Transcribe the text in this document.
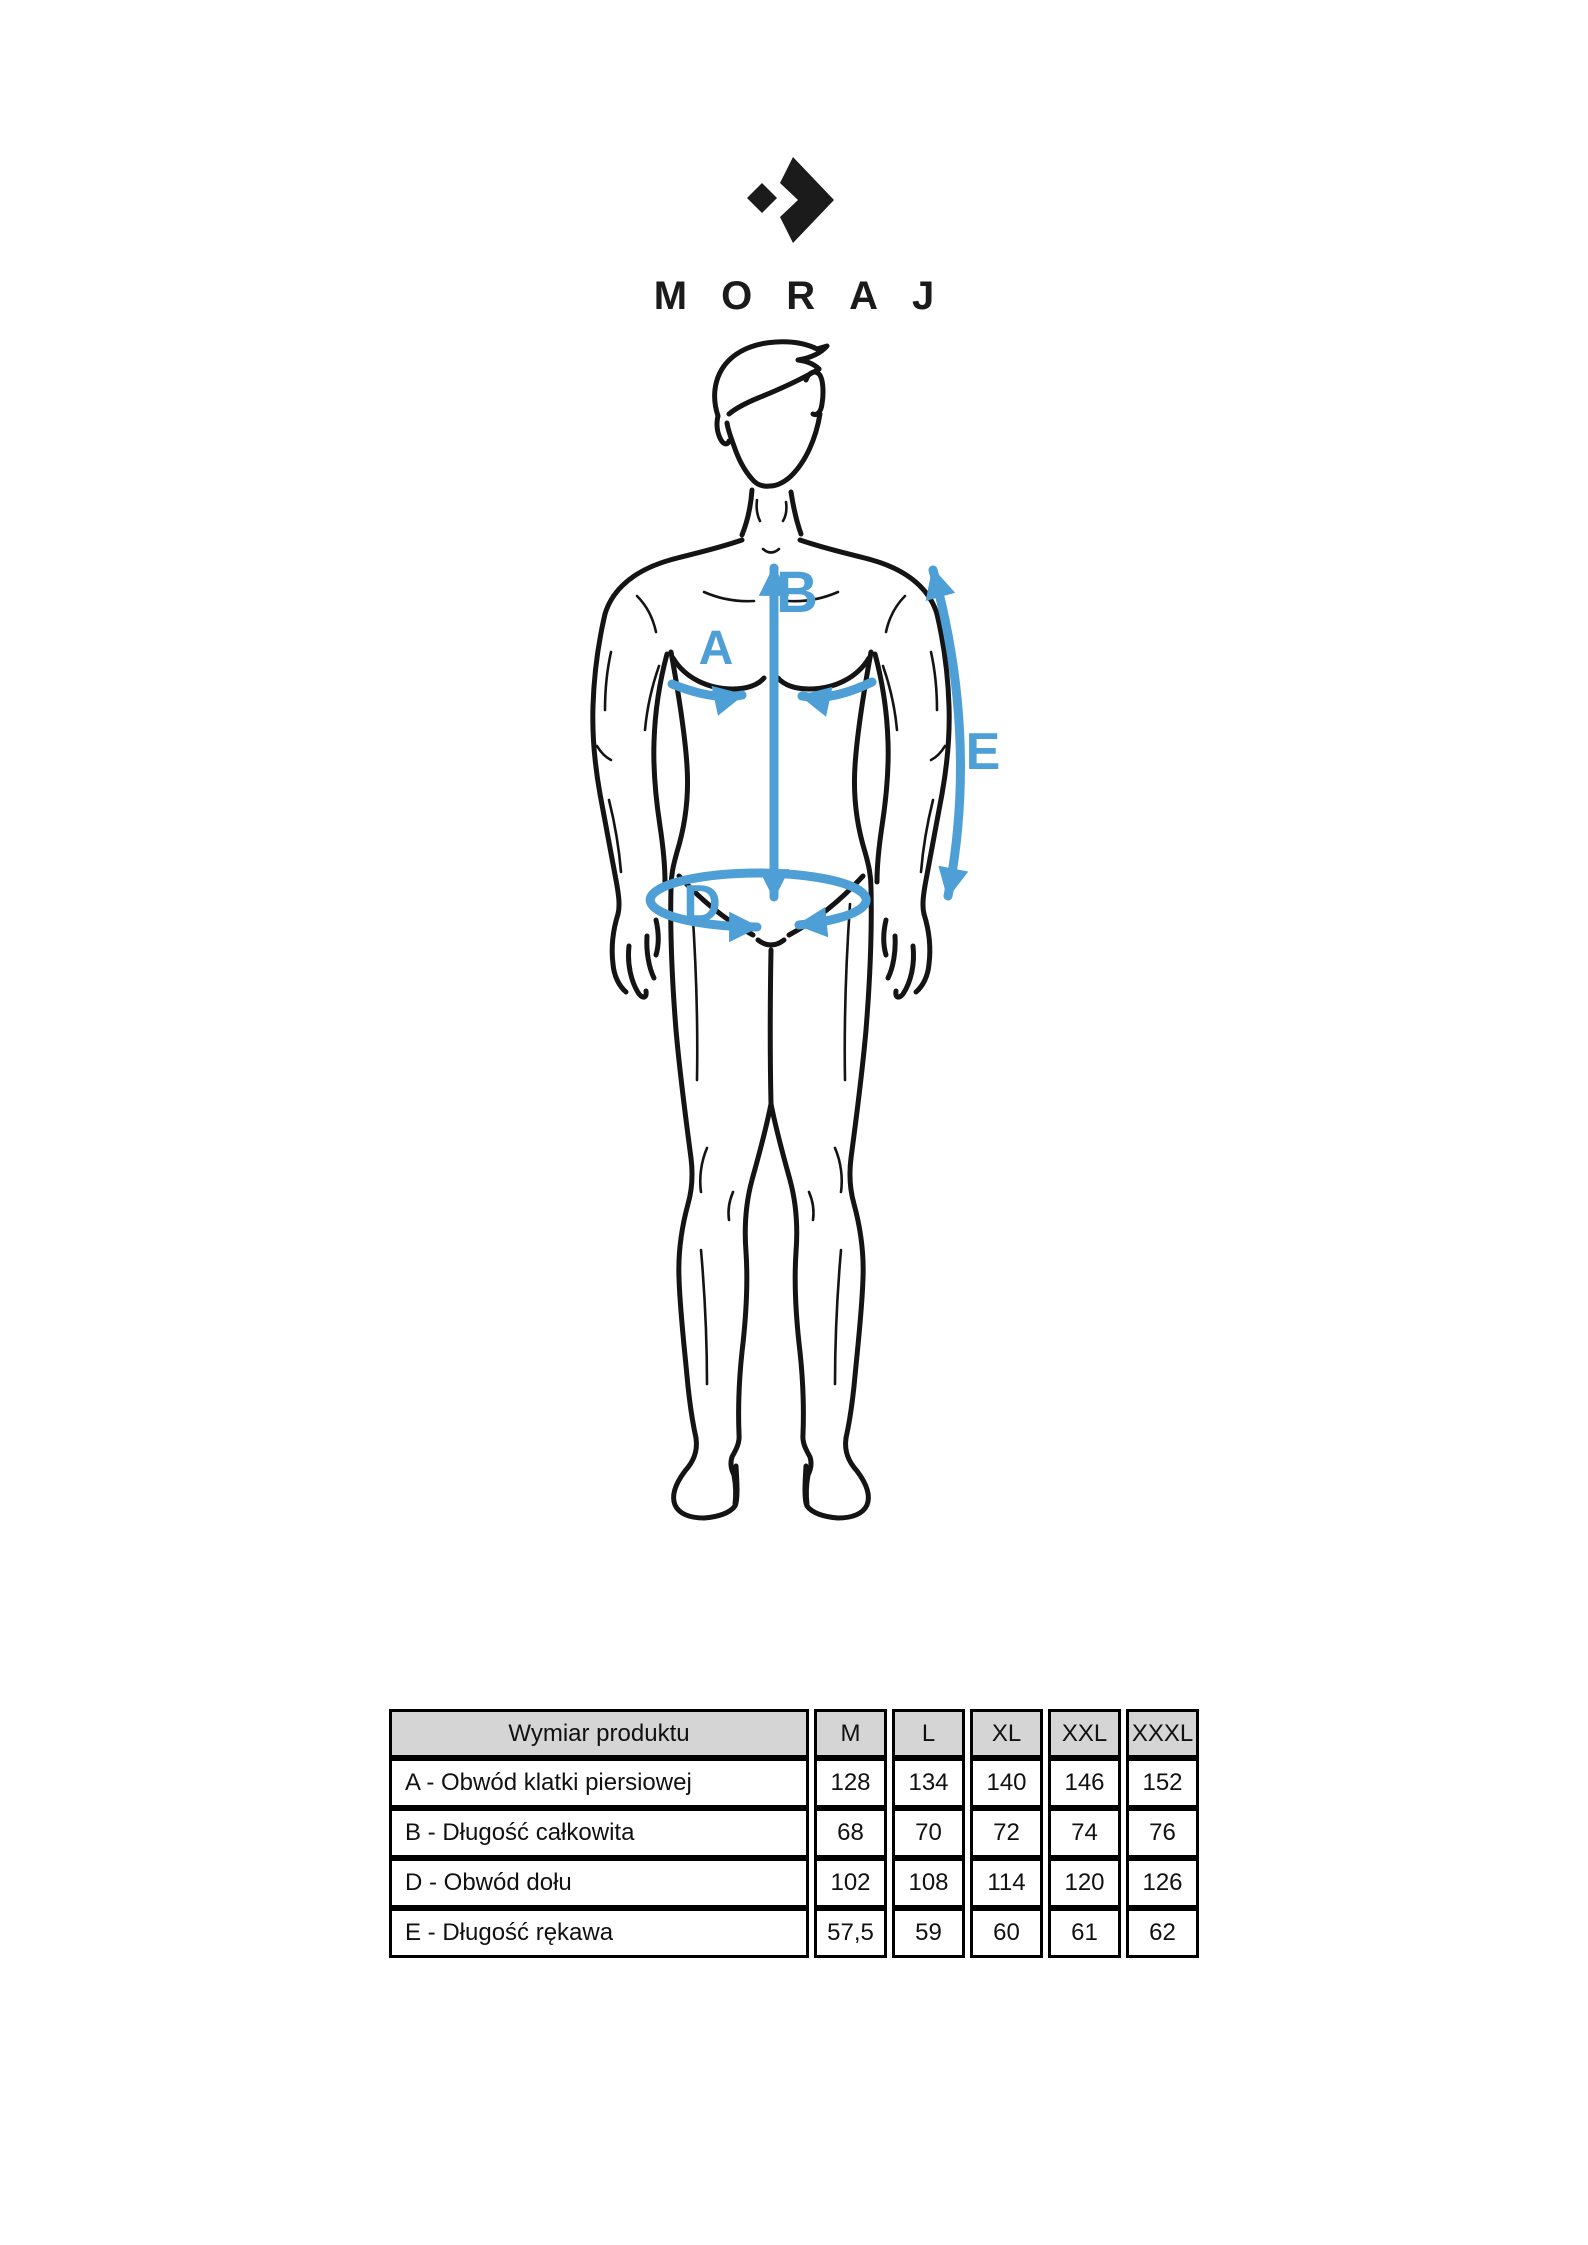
A
B
D
E
MORAJ
Wymiar produktu	M	L	XL	XXL	XXXL
A - Obwód klatki piersiowej	128	134	140	146	152
B - Długość całkowita	68	70	72	74	76
D - Obwód dołu	102	108	114	120	126
E - Długość rękawa	57,5	59	60	61	62
